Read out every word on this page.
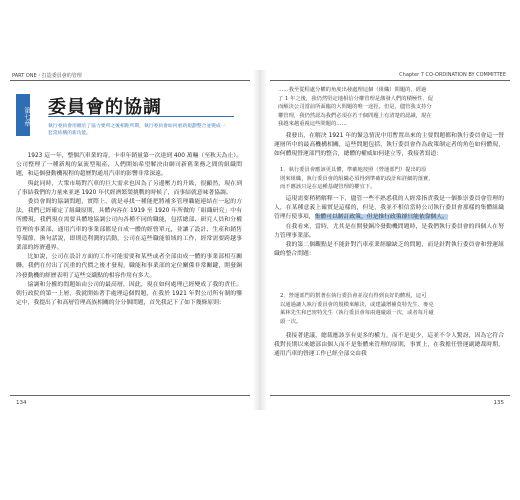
PART ONE・打造委員會的管理
第七章 委員會的協調
執行委員會用總於了協力要所之後相距所期，執行委員會如何重新規劃整合並變成一套當結構的新功能。

1923 這一年，整個汽車業的寄，卡車年銷量第一次達到 400 萬輛（至秋天為止）。公司整理了一種新規的氣流型報產，人們開始希望解決由網司新舊業務之間的組織問題，和這個發動機報程的超歷對通用汽車的影響非常深遠。

與此同時，大衆市場對汽車的巨大需求也因為了另邊壓力的升級，很顯然，現在到了事結我們的力量來並逐 1920 年代經濟繁榮挑戰的時候了，而事結就意味著協調。

委員會間的協調問題，實際上，就是尋找一種能把將補多管理職能連結在一起的方法，我們已經確定了組織原則，具體內容在 1919 至 1920 年所做的「組織研究」中有所體現，我們現在需要具體地協調公司內各種不同的職能，包括總部、研究人員和分權管理的事業部，通用汽車的事業部都是自成一體的經營單元，並讓了設計、生產和銷售等環節，換句話說，即則造利潤的活動，公司在這些職能領域的工作，經常需要跨越事業部的經濟邊界。

比如說，公司在設計方面的工作可能需要和某些或者全部由成一體的事業部相互關聯，我們在付出了沉重的代價之後才發現，職能和事業部的定位關係非常關鍵，開發銅冷發動機的經歷表明了這些交織點的相容作用有多大。

協調和分權的問題始由公司的最高層，因此，現在如何處理已經變成了我的責任。朝行政院的第一上層，我就開始著手處理這個問題，在我於 1921 年對公司所有制的鑒定中，我提出了和高層管理高族相關的分分個問題，首先我記下了如下幾條原則：

134
Chapter 7 CO-ORDINATION BY COMMITTEE

……我至從程處分權的角度出發處理這個（組織）問題的，經過

了 1 年之後，我仍然堅定地相信分權管理是激發人們的積極性、促

而解決公司當前所面臨的大問題的唯一途徑。但是，儘管我支持分

權管理，我仍然認為我們必須在若干個問題上有清楚的認識，現在

我越來越重視這些問題的……

我發出，在解決 1921 年的緊急情況中用暫置出來的主要問題都和執行委員會這一營運層所中的最高機構相關，這些問題包括，執行委員會作為政策制定者的角色如何體現，如何體現營運部門的整合，總體的權威如何建立等，我接著寫道：

1．執行委員會應該更具體，準確地按照（營運部門）提出的原

則來組織，執行委員會的組織必須得到準確的設計和詳細的落實，

而不應該只是在這種基礎管理的權宜下。

這現需要稍稍解釋一下，儘管一些不熟悉我的人經常指責我是一個推崇委員會管理的人，在某種意義上確實是這樣的，但是，我並不相信當時公司執行委員會那樣的集體組織管理行使事項，集體可以制訂政策，但是推行政策卻只能依靠個人。

在我看來，當時，尤其是在開發銅冷發動機問題時，是我們執行委員會的四個人在努力管理事業部。

我的第二個觀點是不能針對汽車產業經驗缺乏的問題，而是針對執行委員會和營運組織的整合問題：

2．營運部門的幫著在執行委員會並沒有得到良好的體現，這可

以通過讓人執行委員會的規模來解決，或建議增補莫特先生、麥克

萊林先生和巴密特先生（執行委員會每兩週碰頭一次，或者每月碰

頭一次。

我接著建議，總裁應該享有更多的權力，而不是更少，這並不令人驚訝，因為它符合我對長期以來總部由個人而不是集體來管理的原則，事實上，在我擔任營運副總裁時期，通用汽車的營運工作已經全部交由我

135
